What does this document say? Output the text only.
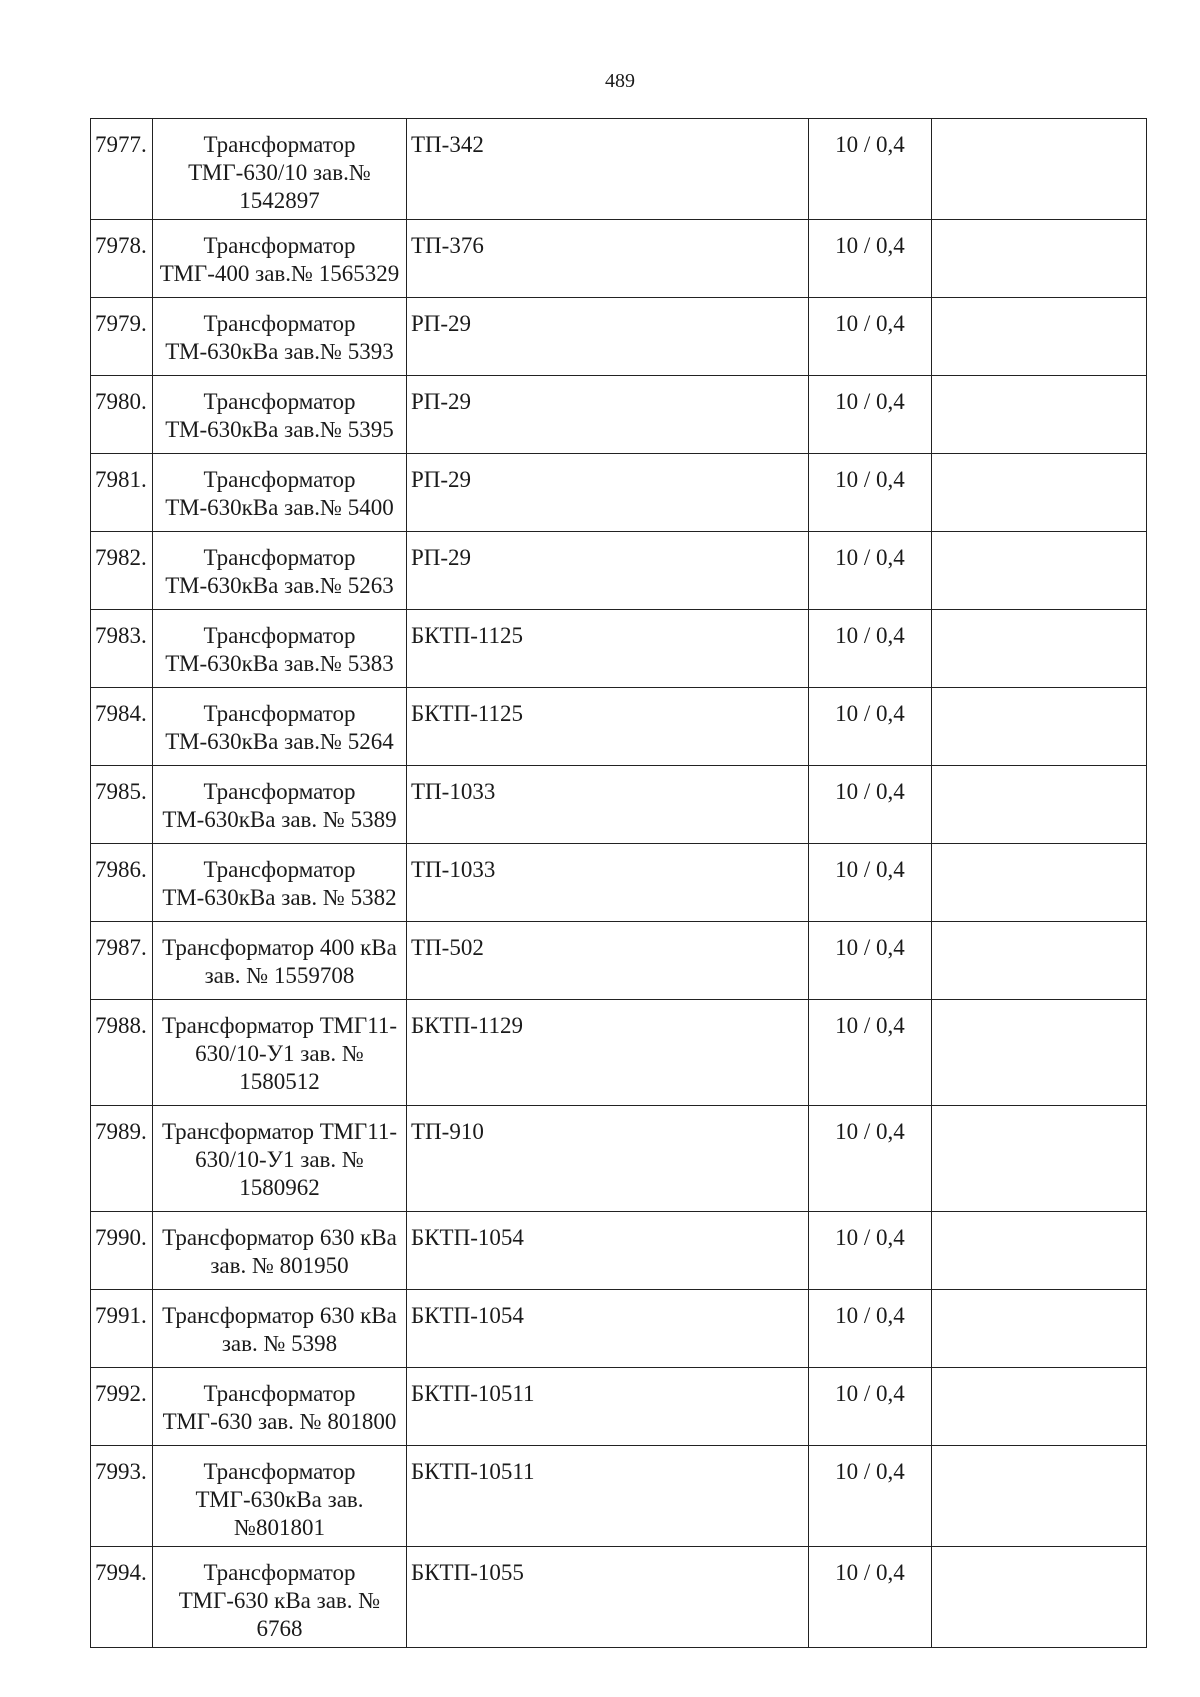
489
7977.	Трансформатор ТМГ-630/10 зав.№ 1542897	ТП-342	10 / 0,4	
7978.	Трансформатор ТМГ-400 зав.№ 1565329	ТП-376	10 / 0,4	
7979.	Трансформатор ТМ-630кВа зав.№ 5393	РП-29	10 / 0,4	
7980.	Трансформатор ТМ-630кВа зав.№ 5395	РП-29	10 / 0,4	
7981.	Трансформатор ТМ-630кВа зав.№ 5400	РП-29	10 / 0,4	
7982.	Трансформатор ТМ-630кВа зав.№ 5263	РП-29	10 / 0,4	
7983.	Трансформатор ТМ-630кВа зав.№ 5383	БКТП-1125	10 / 0,4	
7984.	Трансформатор ТМ-630кВа зав.№ 5264	БКТП-1125	10 / 0,4	
7985.	Трансформатор ТМ-630кВа зав. № 5389	ТП-1033	10 / 0,4	
7986.	Трансформатор ТМ-630кВа зав. № 5382	ТП-1033	10 / 0,4	
7987.	Трансформатор 400 кВа зав. № 1559708	ТП-502	10 / 0,4	
7988.	Трансформатор ТМГ11-630/10-У1 зав. № 1580512	БКТП-1129	10 / 0,4	
7989.	Трансформатор ТМГ11-630/10-У1 зав. № 1580962	ТП-910	10 / 0,4	
7990.	Трансформатор 630 кВа зав. № 801950	БКТП-1054	10 / 0,4	
7991.	Трансформатор 630 кВа зав. № 5398	БКТП-1054	10 / 0,4	
7992.	Трансформатор ТМГ-630 зав. № 801800	БКТП-10511	10 / 0,4	
7993.	Трансформатор ТМГ-630кВа зав. №801801	БКТП-10511	10 / 0,4	
7994.	Трансформатор ТМГ-630 кВа зав. № 6768	БКТП-1055	10 / 0,4	
